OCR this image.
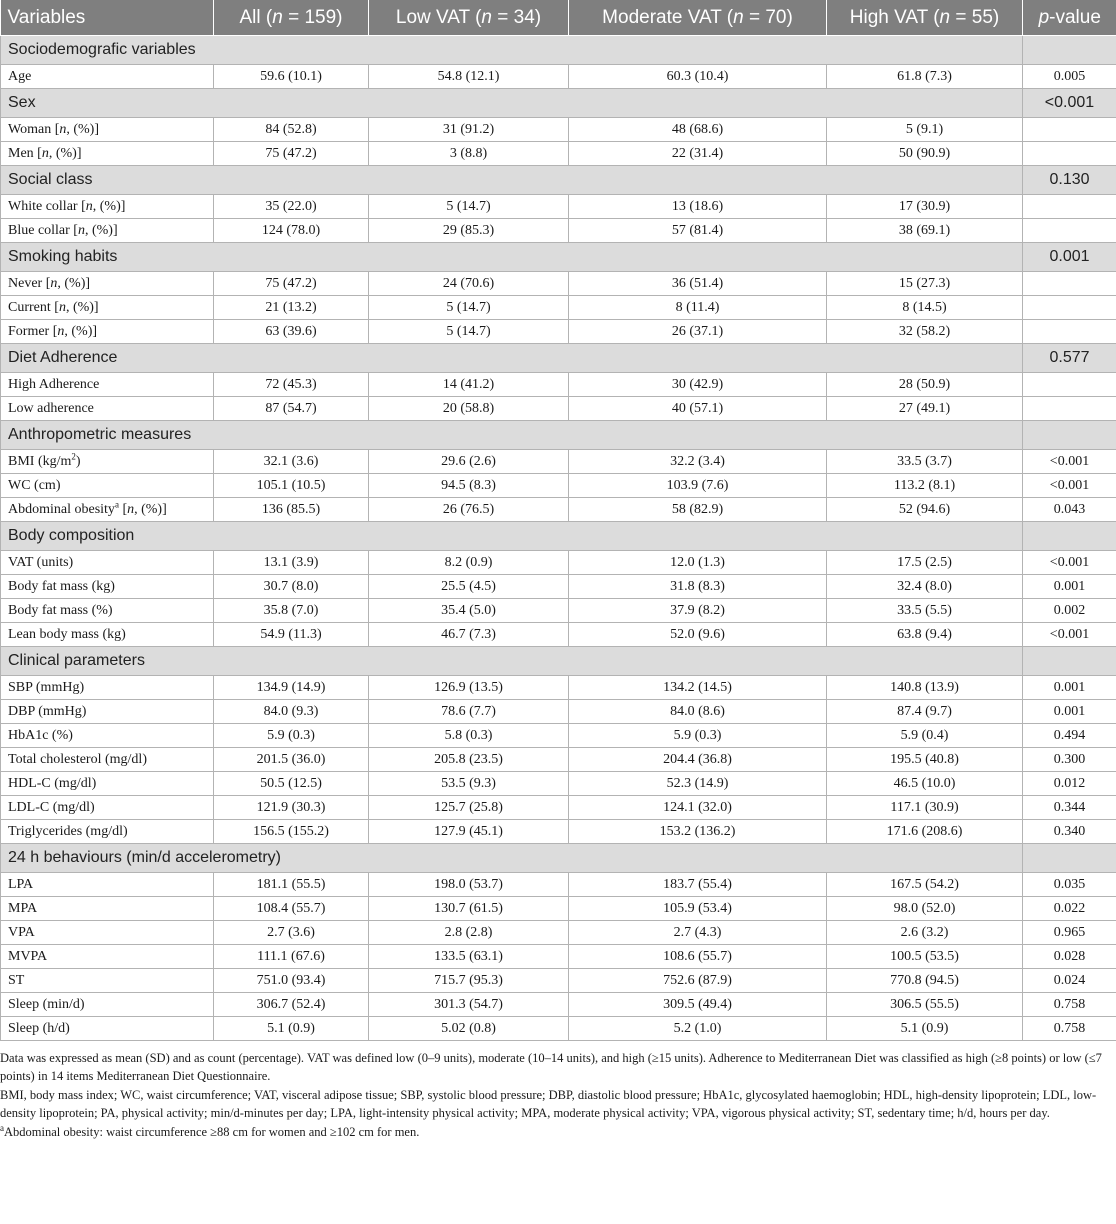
Variables	All (n = 159)	Low VAT (n = 34)	Moderate VAT (n = 70)	High VAT (n = 55)	p-value
Sociodemografic variables					
Age	59.6 (10.1)	54.8 (12.1)	60.3 (10.4)	61.8 (7.3)	0.005
Sex					<0.001
Woman [n, (%)]	84 (52.8)	31 (91.2)	48 (68.6)	5 (9.1)	
Men [n, (%)]	75 (47.2)	3 (8.8)	22 (31.4)	50 (90.9)	
Social class					0.130
White collar [n, (%)]	35 (22.0)	5 (14.7)	13 (18.6)	17 (30.9)	
Blue collar [n, (%)]	124 (78.0)	29 (85.3)	57 (81.4)	38 (69.1)	
Smoking habits					0.001
Never [n, (%)]	75 (47.2)	24 (70.6)	36 (51.4)	15 (27.3)	
Current [n, (%)]	21 (13.2)	5 (14.7)	8 (11.4)	8 (14.5)	
Former [n, (%)]	63 (39.6)	5 (14.7)	26 (37.1)	32 (58.2)	
Diet Adherence					0.577
High Adherence	72 (45.3)	14 (41.2)	30 (42.9)	28 (50.9)	
Low adherence	87 (54.7)	20 (58.8)	40 (57.1)	27 (49.1)	
Anthropometric measures					
BMI $(kg/m^2)$	32.1 (3.6)	29.6 (2.6)	32.2 (3.4)	33.5 (3.7)	<0.001
WC (cm)	105.1 (10.5)	94.5 (8.3)	103.9 (7.6)	113.2 (8.1)	<0.001
Abdominal obesity$^a$ [n, (%)]	136 (85.5)	26 (76.5)	58 (82.9)	52 (94.6)	0.043
Body composition					
VAT (units)	13.1 (3.9)	8.2 (0.9)	12.0 (1.3)	17.5 (2.5)	<0.001
Body fat mass (kg)	30.7 (8.0)	25.5 (4.5)	31.8 (8.3)	32.4 (8.0)	0.001
Body fat mass (%)	35.8 (7.0)	35.4 (5.0)	37.9 (8.2)	33.5 (5.5)	0.002
Lean body mass (kg)	54.9 (11.3)	46.7 (7.3)	52.0 (9.6)	63.8 (9.4)	<0.001
Clinical parameters					
SBP (mmHg)	134.9 (14.9)	126.9 (13.5)	134.2 (14.5)	140.8 (13.9)	0.001
DBP (mmHg)	84.0 (9.3)	78.6 (7.7)	84.0 (8.6)	87.4 (9.7)	0.001
HbA1c (%)	5.9 (0.3)	5.8 (0.3)	5.9 (0.3)	5.9 (0.4)	0.494
Total cholesterol (mg/dl)	201.5 (36.0)	205.8 (23.5)	204.4 (36.8)	195.5 (40.8)	0.300
HDL-C (mg/dl)	50.5 (12.5)	53.5 (9.3)	52.3 (14.9)	46.5 (10.0)	0.012
LDL-C (mg/dl)	121.9 (30.3)	125.7 (25.8)	124.1 (32.0)	117.1 (30.9)	0.344
Triglycerides (mg/dl)	156.5 (155.2)	127.9 (45.1)	153.2 (136.2)	171.6 (208.6)	0.340
24 h behaviours (min/d accelerometry)					
LPA	181.1 (55.5)	198.0 (53.7)	183.7 (55.4)	167.5 (54.2)	0.035
MPA	108.4 (55.7)	130.7 (61.5)	105.9 (53.4)	98.0 (52.0)	0.022
VPA	2.7 (3.6)	2.8 (2.8)	2.7 (4.3)	2.6 (3.2)	0.965
MVPA	111.1 (67.6)	133.5 (63.1)	108.6 (55.7)	100.5 (53.5)	0.028
ST	751.0 (93.4)	715.7 (95.3)	752.6 (87.9)	770.8 (94.5)	0.024
Sleep (min/d)	306.7 (52.4)	301.3 (54.7)	309.5 (49.4)	306.5 (55.5)	0.758
Sleep (h/d)	5.1 (0.9)	5.02 (0.8)	5.2 (1.0)	5.1 (0.9)	0.758

Data was expressed as mean (SD) and as count (percentage). VAT was defined low (0–9 units), moderate (10–14 units), and high (≥15 units). Adherence to Mediterranean Diet was classified as high (≥8 points) or low (≤7 points) in 14 items Mediterranean Diet Questionnaire.

BMI, body mass index; WC, waist circumference; VAT, visceral adipose tissue; SBP, systolic blood pressure; DBP, diastolic blood pressure; HbA1c, glycosylated haemoglobin; HDL, high-density lipoprotein; LDL, low-density lipoprotein; PA, physical activity; min/d-minutes per day; LPA, light-intensity physical activity; MPA, moderate physical activity; VPA, vigorous physical activity; ST, sedentary time; h/d, hours per day.

$^a$Abdominal obesity: waist circumference ≥88 cm for women and ≥102 cm for men.
